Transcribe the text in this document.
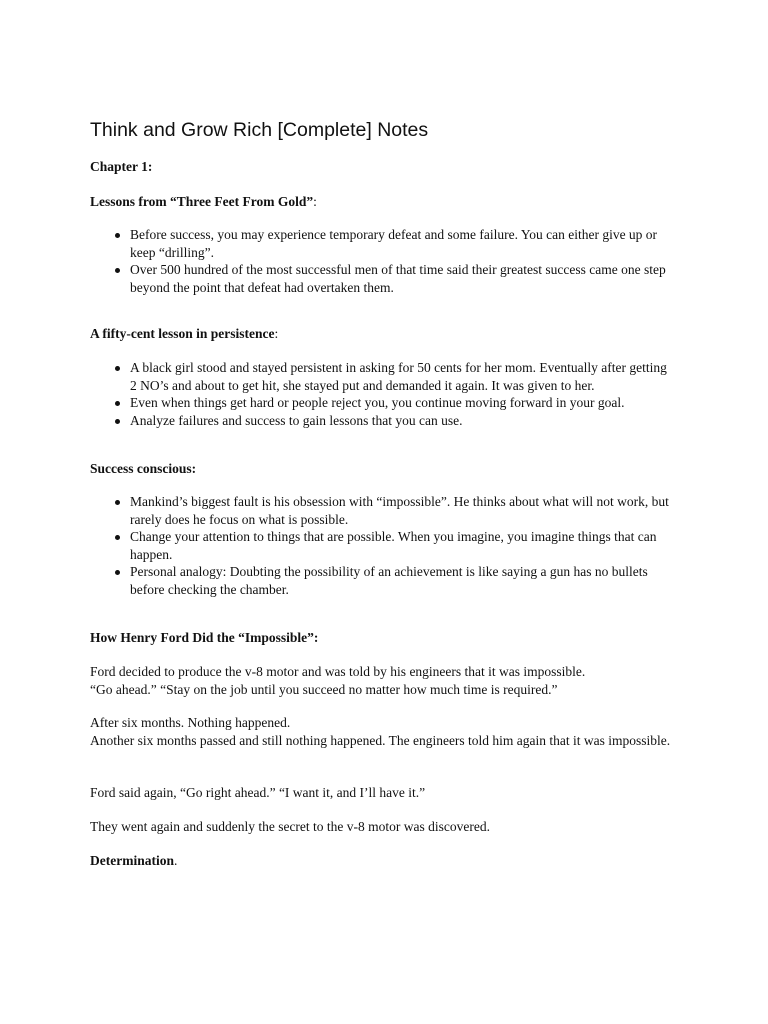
Think and Grow Rich [Complete] Notes

Chapter 1:

Lessons from “Three Feet From Gold”:

Before success, you may experience temporary defeat and some failure. You can either give up or keep “drilling”.
Over 500 hundred of the most successful men of that time said their greatest success came one step beyond the point that defeat had overtaken them.

A fifty-cent lesson in persistence:

A black girl stood and stayed persistent in asking for 50 cents for her mom. Eventually after getting 2 NO’s and about to get hit, she stayed put and demanded it again. It was given to her.
Even when things get hard or people reject you, you continue moving forward in your goal.
Analyze failures and success to gain lessons that you can use.

Success conscious:

Mankind’s biggest fault is his obsession with “impossible”. He thinks about what will not work, but rarely does he focus on what is possible.
Change your attention to things that are possible. When you imagine, you imagine things that can happen.
Personal analogy: Doubting the possibility of an achievement is like saying a gun has no bullets before checking the chamber.

How Henry Ford Did the “Impossible”:

Ford decided to produce the v-8 motor and was told by his engineers that it was impossible.

“Go ahead.” “Stay on the job until you succeed no matter how much time is required.”

After six months. Nothing happened.

Another six months passed and still nothing happened. The engineers told him again that it was impossible.

Ford said again, “Go right ahead.” “I want it, and I’ll have it.”

They went again and suddenly the secret to the v-8 motor was discovered.

Determination.
